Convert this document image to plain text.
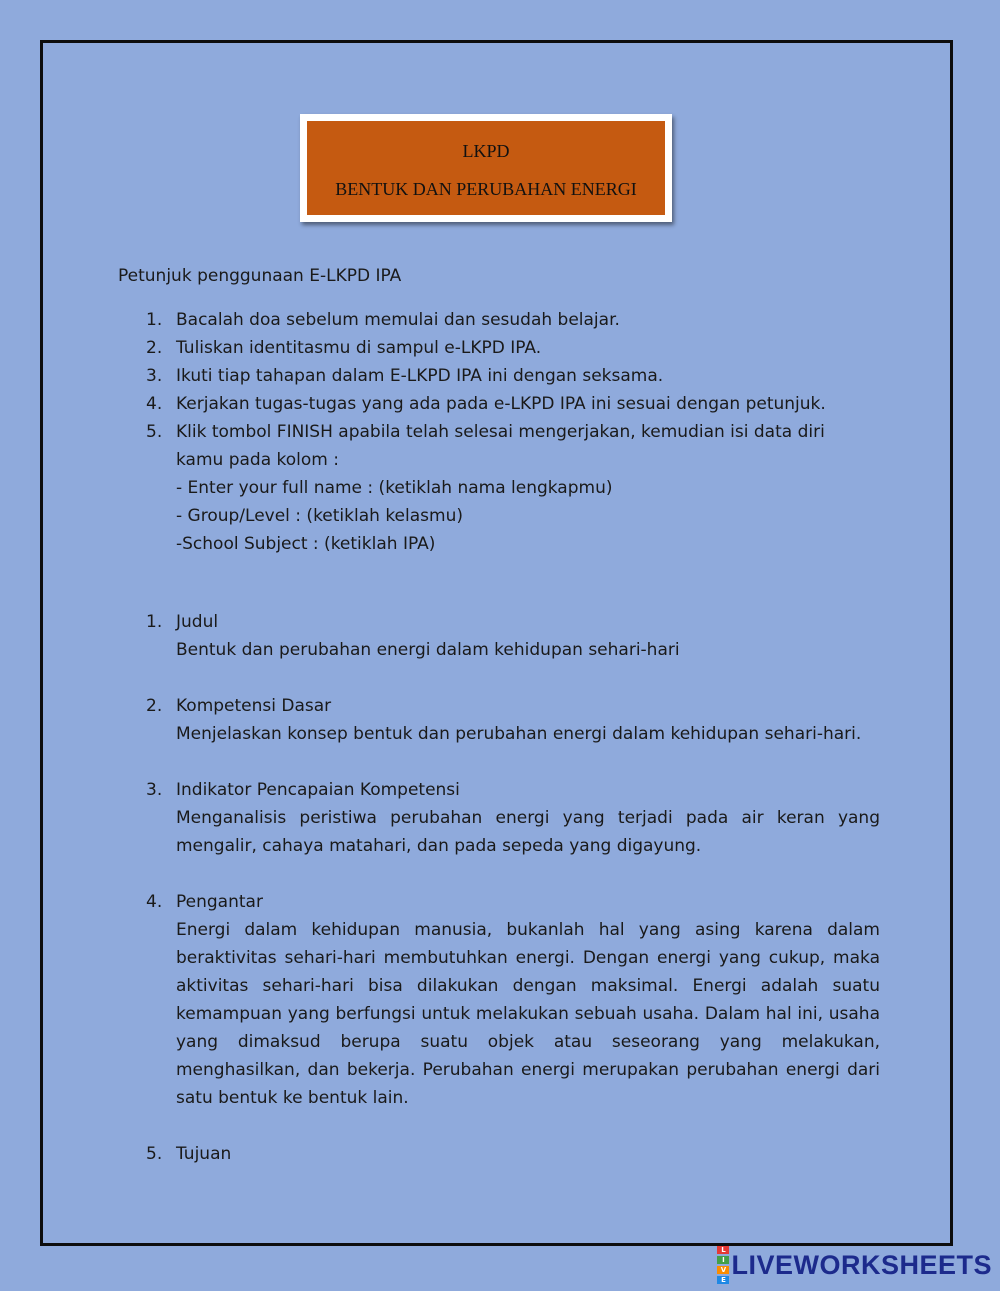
LKPD
BENTUK DAN PERUBAHAN ENERGI
Petunjuk penggunaan E-LKPD IPA
1. Bacalah doa sebelum memulai dan sesudah belajar.
2. Tuliskan identitasmu di sampul e-LKPD IPA.
3. Ikuti tiap tahapan dalam E-LKPD IPA ini dengan seksama.
4. Kerjakan tugas-tugas yang ada pada e-LKPD IPA ini sesuai dengan petunjuk.
5. Klik tombol FINISH apabila telah selesai mengerjakan, kemudian isi data diri kamu pada kolom :
- Enter your full name : (ketiklah nama lengkapmu)
- Group/Level : (ketiklah kelasmu)
-School Subject : (ketiklah IPA)
1. Judul
Bentuk dan perubahan energi dalam kehidupan sehari-hari
2. Kompetensi Dasar
Menjelaskan konsep bentuk dan perubahan energi dalam kehidupan sehari-hari.
3. Indikator Pencapaian Kompetensi
Menganalisis peristiwa perubahan energi yang terjadi pada air keran yang mengalir, cahaya matahari, dan pada sepeda yang digayung.
4. Pengantar
Energi dalam kehidupan manusia, bukanlah hal yang asing karena dalam beraktivitas sehari-hari membutuhkan energi. Dengan energi yang cukup, maka aktivitas sehari-hari bisa dilakukan dengan maksimal. Energi adalah suatu kemampuan yang berfungsi untuk melakukan sebuah usaha. Dalam hal ini, usaha yang dimaksud berupa suatu objek atau seseorang yang melakukan, menghasilkan, dan bekerja. Perubahan energi merupakan perubahan energi dari satu bentuk ke bentuk lain.
5. Tujuan
L
I
V
E
LIVEWORKSHEETS
